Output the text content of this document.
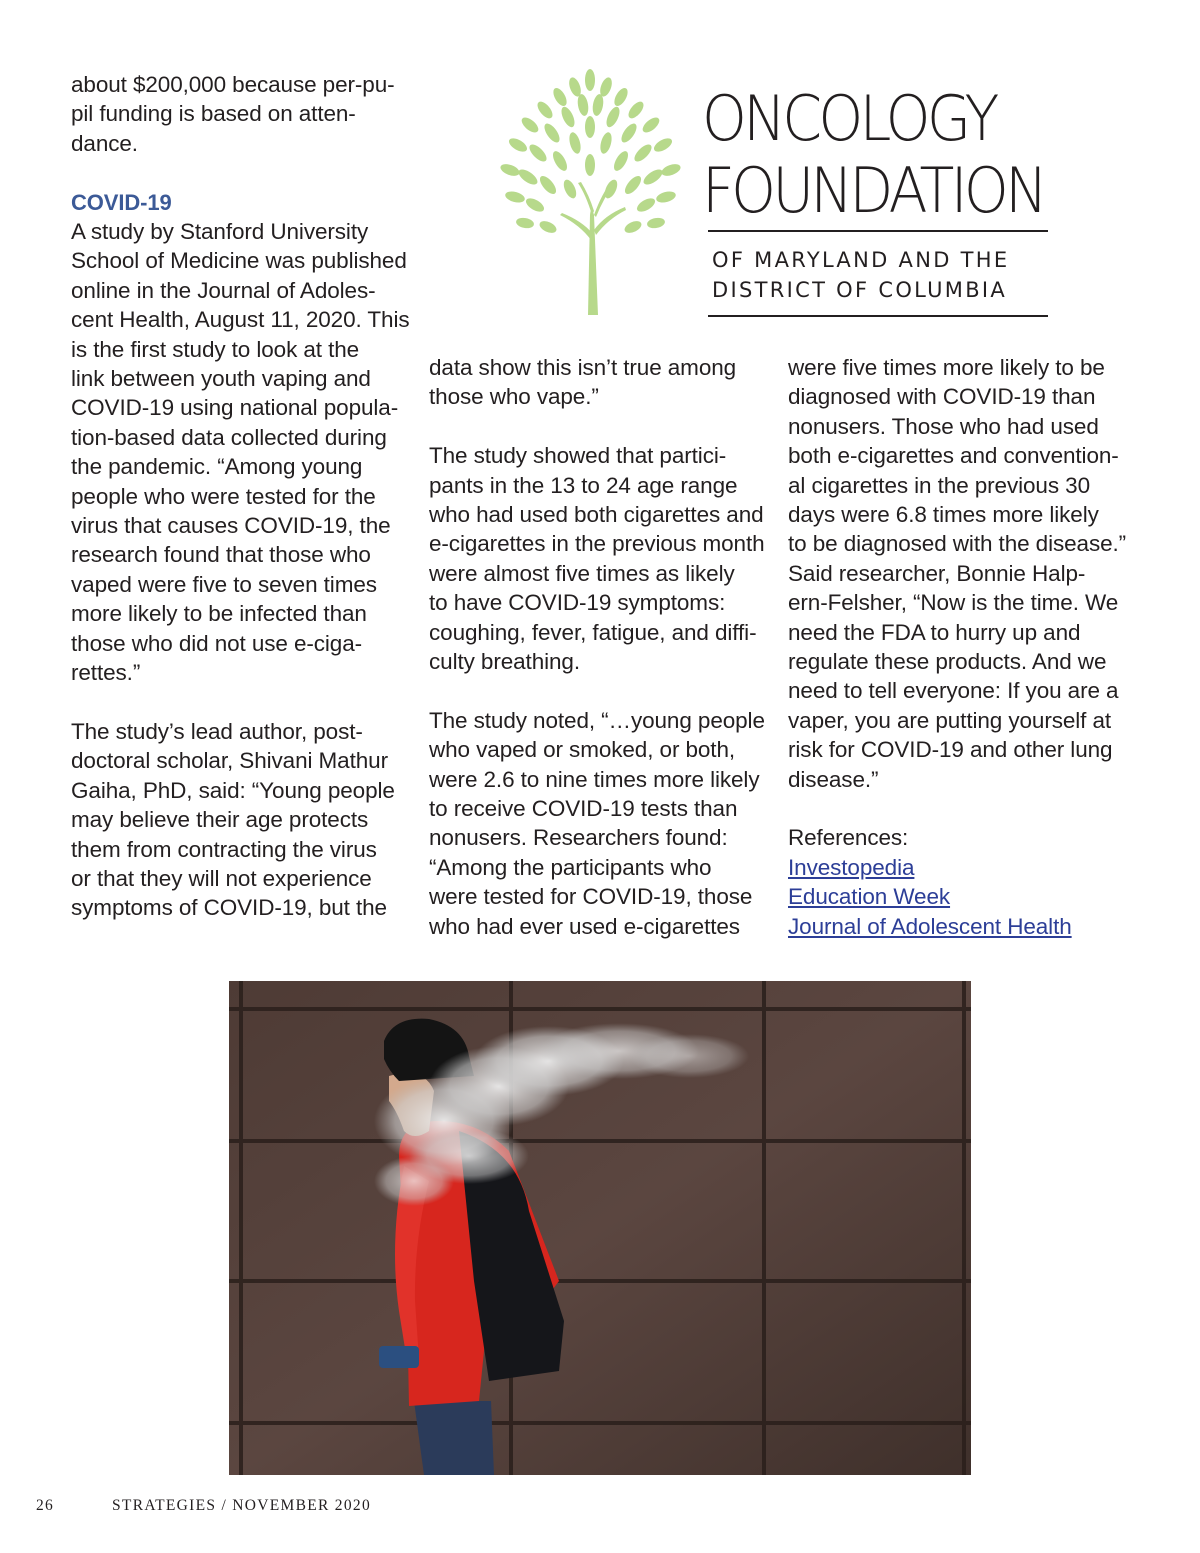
about $200,000 because per-pu-
pil funding is based on atten-
dance.

COVID-19

A study by Stanford University
School of Medicine was published
online in the Journal of Adoles-
cent Health, August 11, 2020. This
is the first study to look at the
link between youth vaping and
COVID-19 using national popula-
tion-based data collected during
the pandemic. “Among young
people who were tested for the
virus that causes COVID-19, the
research found that those who
vaped were five to seven times
more likely to be infected than
those who did not use e-ciga-
rettes.”

The study’s lead author, post-
doctoral scholar, Shivani Mathur
Gaiha, PhD, said: “Young people
may believe their age protects
them from contracting the virus
or that they will not experience
symptoms of COVID-19, but the

ONCOLOGY
FOUNDATION
OF MARYLAND AND THE
DISTRICT OF COLUMBIA

data show this isn’t true among
those who vape.”

The study showed that partici-
pants in the 13 to 24 age range
who had used both cigarettes and
e-cigarettes in the previous month
were almost five times as likely
to have COVID-19 symptoms:
coughing, fever, fatigue, and diffi-
culty breathing.

The study noted, “…young people
who vaped or smoked, or both,
were 2.6 to nine times more likely
to receive COVID-19 tests than
nonusers. Researchers found:
“Among the participants who
were tested for COVID-19, those
who had ever used e-cigarettes

were five times more likely to be
diagnosed with COVID-19 than
nonusers. Those who had used
both e-cigarettes and convention-
al cigarettes in the previous 30
days were 6.8 times more likely
to be diagnosed with the disease.”
Said researcher, Bonnie Halp-
ern-Felsher, “Now is the time. We
need the FDA to hurry up and
regulate these products. And we
need to tell everyone: If you are a
vaper, you are putting yourself at
risk for COVID-19 and other lung
disease.”

References:

Investopedia
Education Week
Journal of Adolescent Health
26	STRATEGIES / NOVEMBER 2020
